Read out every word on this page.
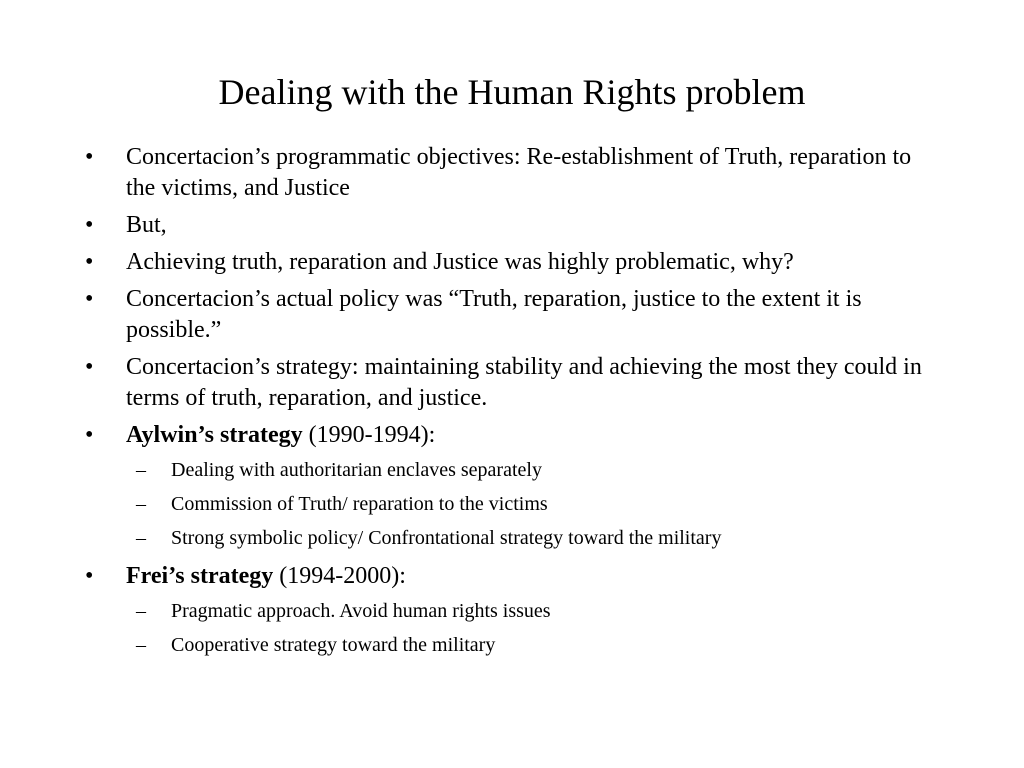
Dealing with the Human Rights problem
• Concertacion’s programmatic objectives: Re-establishment of Truth, reparation to the victims, and Justice
• But,
• Achieving truth, reparation and Justice was highly problematic, why?
• Concertacion’s actual policy was “Truth, reparation, justice to the extent it is possible.”
• Concertacion’s strategy: maintaining stability and achieving the most they could in terms of truth, reparation, and justice.
• Aylwin’s strategy (1990-1994):
– Dealing with authoritarian enclaves separately
– Commission of Truth/ reparation to the victims
– Strong symbolic policy/ Confrontational strategy toward the military
• Frei’s strategy (1994-2000):
– Pragmatic approach. Avoid human rights issues
– Cooperative strategy toward the military
